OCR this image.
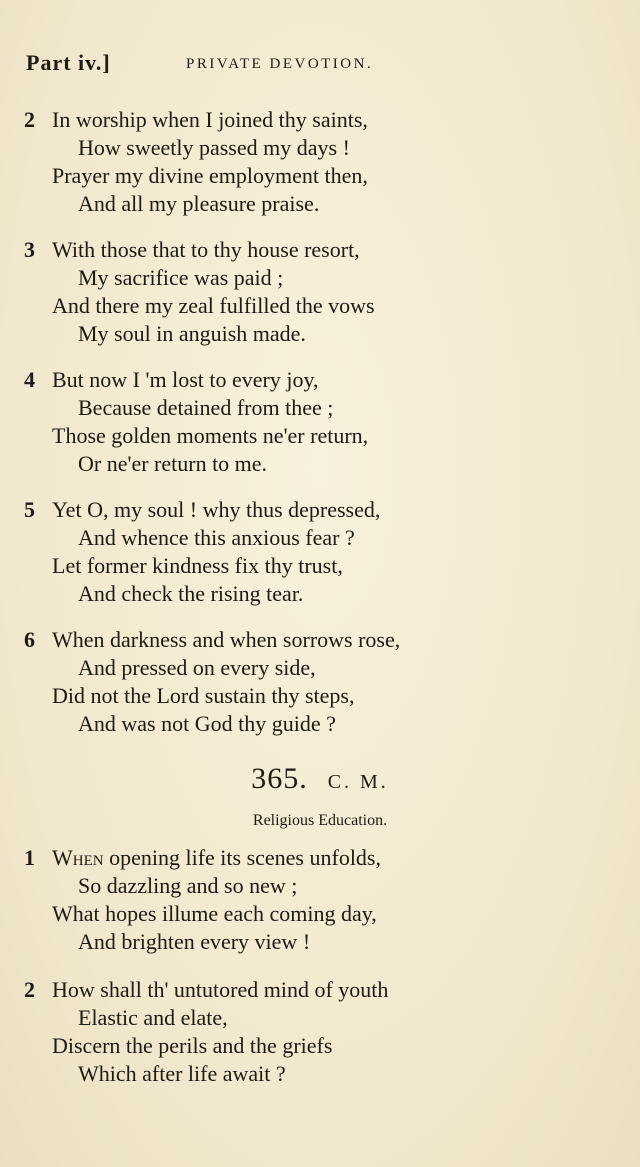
Part iv.]	PRIVATE DEVOTION.
2 In worship when I joined thy saints,
How sweetly passed my days !
Prayer my divine employment then,
And all my pleasure praise.
3 With those that to thy house resort,
My sacrifice was paid ;
And there my zeal fulfilled the vows
My soul in anguish made.
4 But now I 'm lost to every joy,
Because detained from thee ;
Those golden moments ne'er return,
Or ne'er return to me.
5 Yet O, my soul ! why thus depressed,
And whence this anxious fear ?
Let former kindness fix thy trust,
And check the rising tear.
6 When darkness and when sorrows rose,
And pressed on every side,
Did not the Lord sustain thy steps,
And was not God thy guide ?
365. C. M.
Religious Education.
1 When opening life its scenes unfolds,
So dazzling and so new ;
What hopes illume each coming day,
And brighten every view !
2 How shall th' untutored mind of youth
Elastic and elate,
Discern the perils and the griefs
Which after life await ?
